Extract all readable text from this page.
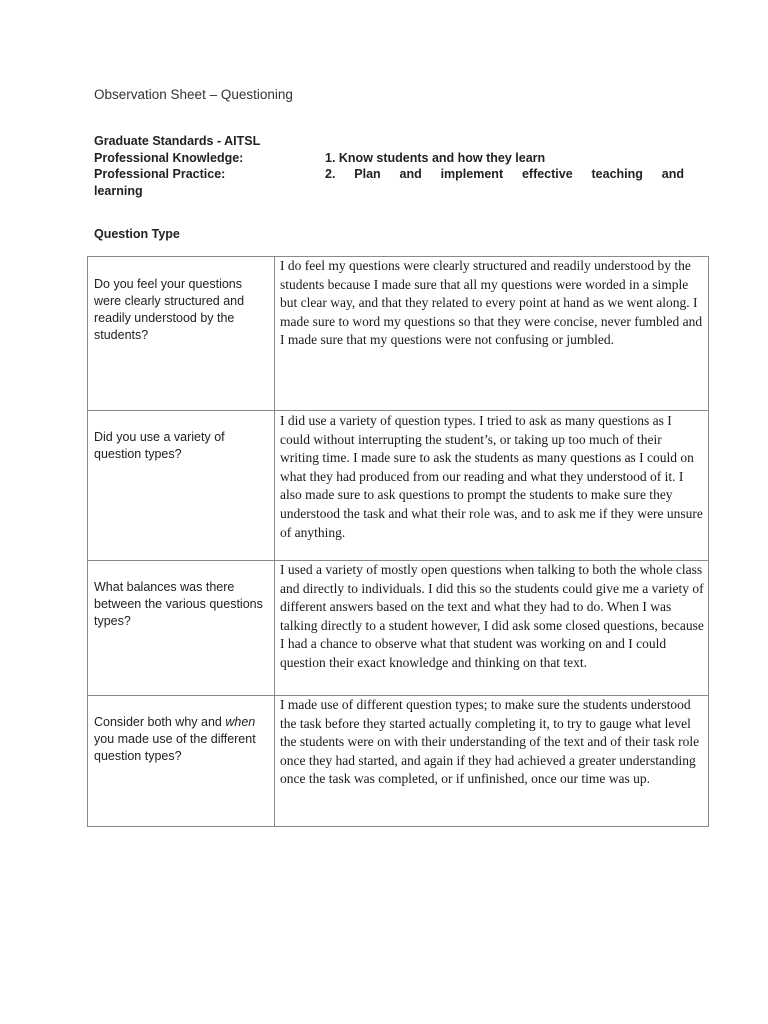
Observation Sheet – Questioning
Graduate Standards - AITSL
Professional Knowledge:	1. Know students and how they learn
Professional Practice:	2. Plan and implement effective teaching and
learning
Question Type
Do you feel your questions were clearly structured and readily understood by the students?	I do feel my questions were clearly structured and readily understood by the students because I made sure that all my questions were worded in a simple but clear way, and that they related to every point at hand as we went along. I made sure to word my questions so that they were concise, never fumbled and I made sure that my questions were not confusing or jumbled.

Did you use a variety of question types?	I did use a variety of question types. I tried to ask as many questions as I could without interrupting the student’s, or taking up too much of their writing time. I made sure to ask the students as many questions as I could on what they had produced from our reading and what they understood of it. I also made sure to ask questions to prompt the students to make sure they understood the task and what their role was, and to ask me if they were unsure of anything.

What balances was there between the various questions types?	I used a variety of mostly open questions when talking to both the whole class and directly to individuals. I did this so the students could give me a variety of different answers based on the text and what they had to do. When I was talking directly to a student however, I did ask some closed questions, because I had a chance to observe what that student was working on and I could question their exact knowledge and thinking on that text.

Consider both why and when you made use of the different question types?	I made use of different question types; to make sure the students understood the task before they started actually completing it, to try to gauge what level the students were on with their understanding of the text and of their task role once they had started, and again if they had achieved a greater understanding once the task was completed, or if unfinished, once our time was up.
